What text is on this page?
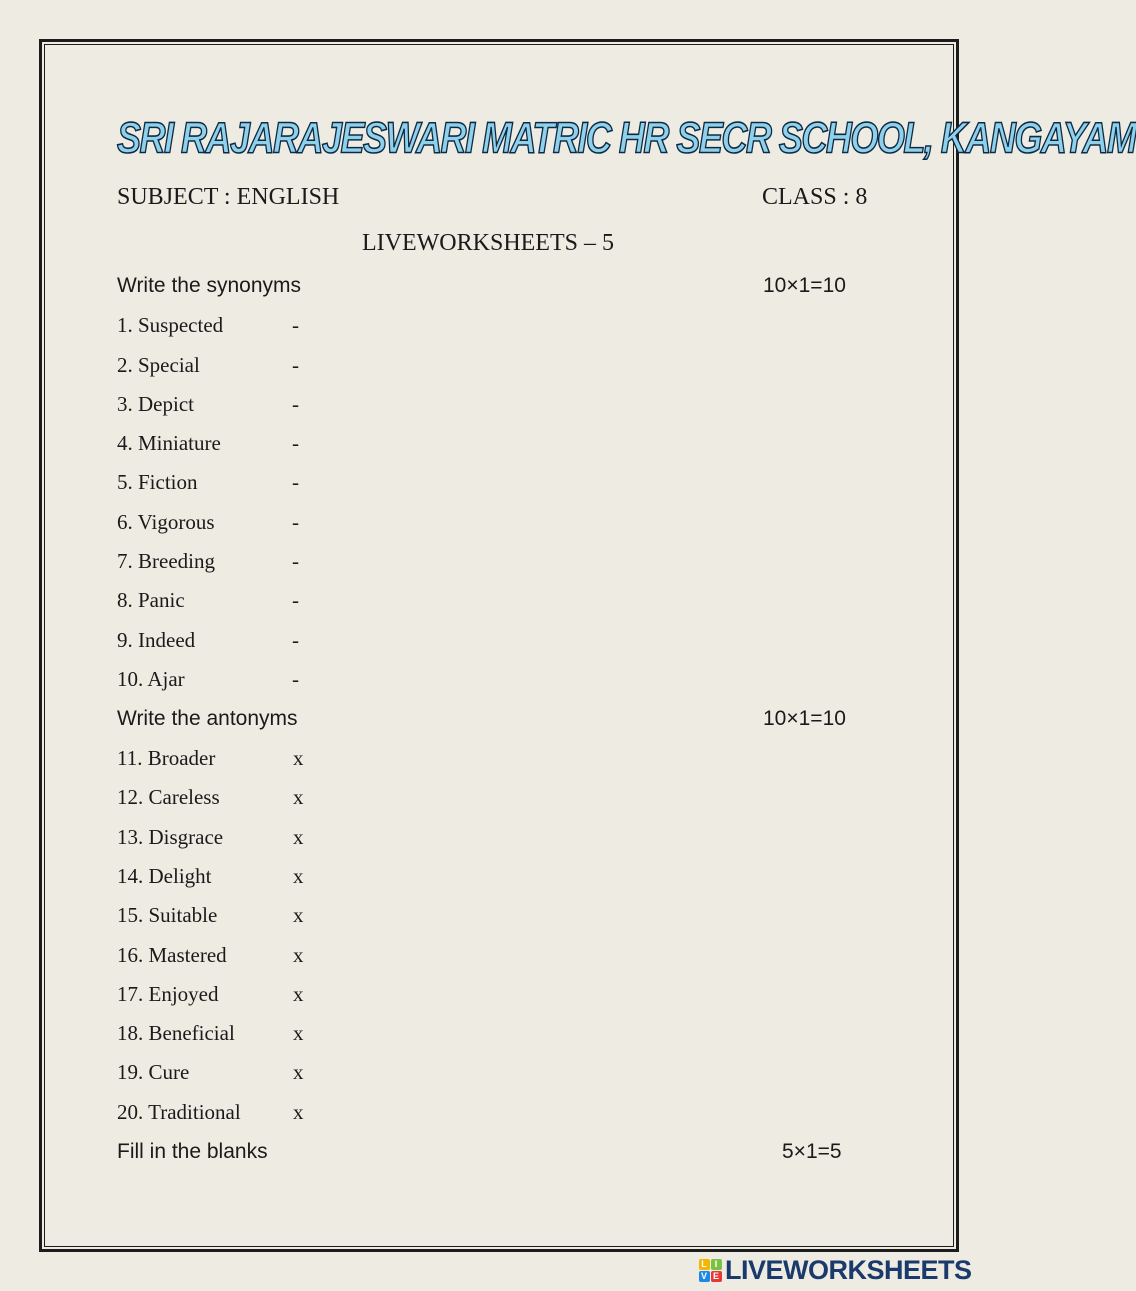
SRI RAJARAJESWARI MATRIC HR SECR SCHOOL, KANGAYAM
SUBJECT : ENGLISH	CLASS : 8
LIVEWORKSHEETS – 5
Write the synonyms	10×1=10
1. Suspected	-
2. Special	-
3. Depict	-
4. Miniature	-
5. Fiction	-
6. Vigorous	-
7. Breeding	-
8. Panic	-
9. Indeed	-
10. Ajar	-
Write the antonyms	10×1=10
11. Broader	x
12. Careless	x
13. Disgrace	x
14. Delight	x
15. Suitable	x
16. Mastered	x
17. Enjoyed	x
18. Beneficial	x
19. Cure	x
20. Traditional x
Fill in the blanks	5×1=5
L I
V E LIVEWORKSHEETS
